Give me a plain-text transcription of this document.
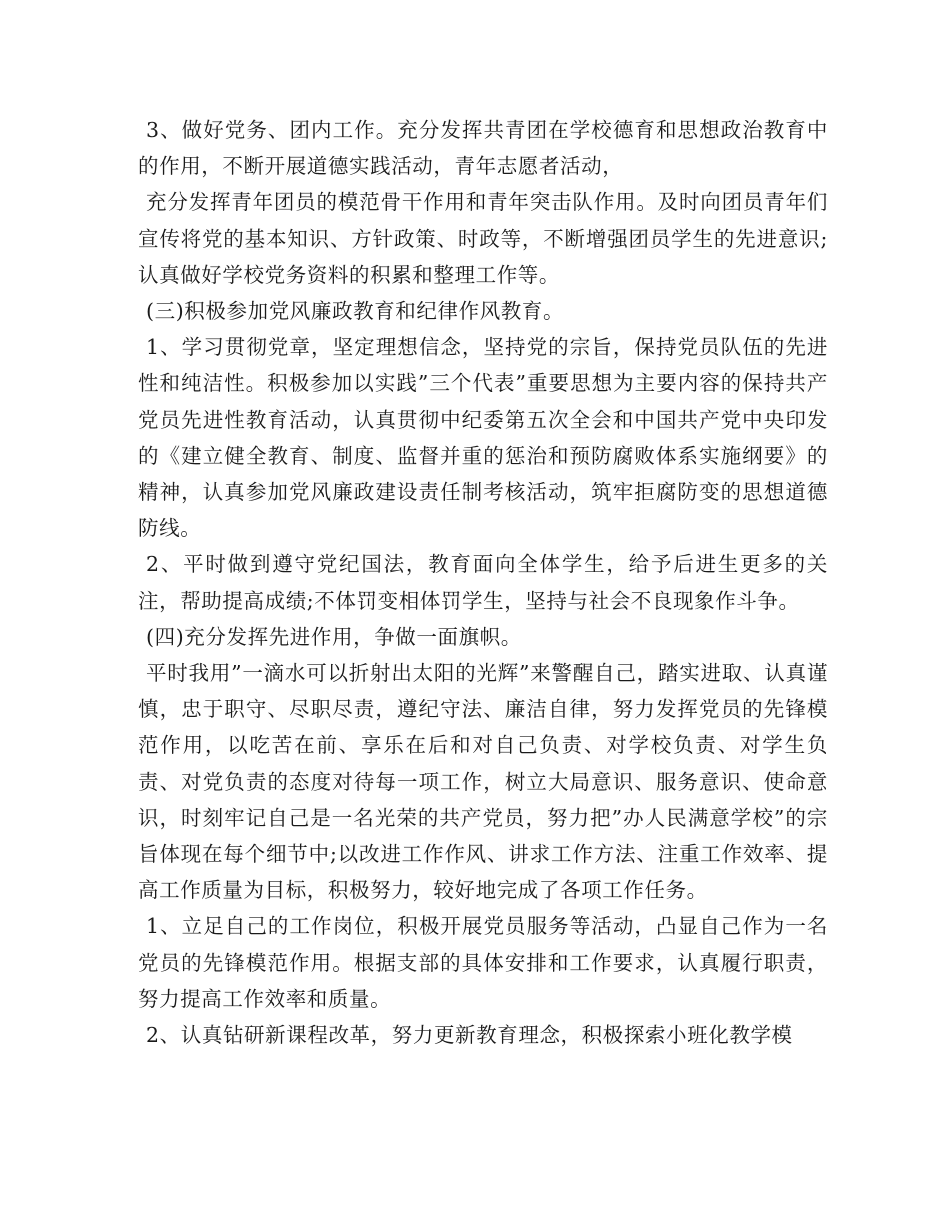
3、做好党务、团内工作。充分发挥共青团在学校德育和思想政治教育中的作用，不断开展道德实践活动，青年志愿者活动，

充分发挥青年团员的模范骨干作用和青年突击队作用。及时向团员青年们宣传将党的基本知识、方针政策、时政等，不断增强团员学生的先进意识;认真做好学校党务资料的积累和整理工作等。

(三)积极参加党风廉政教育和纪律作风教育。

1、学习贯彻党章，坚定理想信念，坚持党的宗旨，保持党员队伍的先进性和纯洁性。积极参加以实践”三个代表”重要思想为主要内容的保持共产党员先进性教育活动，认真贯彻中纪委第五次全会和中国共产党中央印发的《建立健全教育、制度、监督并重的惩治和预防腐败体系实施纲要》的精神，认真参加党风廉政建设责任制考核活动，筑牢拒腐防变的思想道德防线。

2、平时做到遵守党纪国法，教育面向全体学生，给予后进生更多的关注，帮助提高成绩;不体罚变相体罚学生，坚持与社会不良现象作斗争。

(四)充分发挥先进作用，争做一面旗帜。

平时我用”一滴水可以折射出太阳的光辉”来警醒自己，踏实进取、认真谨慎，忠于职守、尽职尽责，遵纪守法、廉洁自律，努力发挥党员的先锋模范作用，以吃苦在前、享乐在后和对自己负责、对学校负责、对学生负责、对党负责的态度对待每一项工作，树立大局意识、服务意识、使命意识，时刻牢记自己是一名光荣的共产党员，努力把”办人民满意学校”的宗旨体现在每个细节中;以改进工作作风、讲求工作方法、注重工作效率、提高工作质量为目标，积极努力，较好地完成了各项工作任务。

1、立足自己的工作岗位，积极开展党员服务等活动，凸显自己作为一名党员的先锋模范作用。根据支部的具体安排和工作要求，认真履行职责，努力提高工作效率和质量。

2、认真钻研新课程改革，努力更新教育理念，积极探索小班化教学模
